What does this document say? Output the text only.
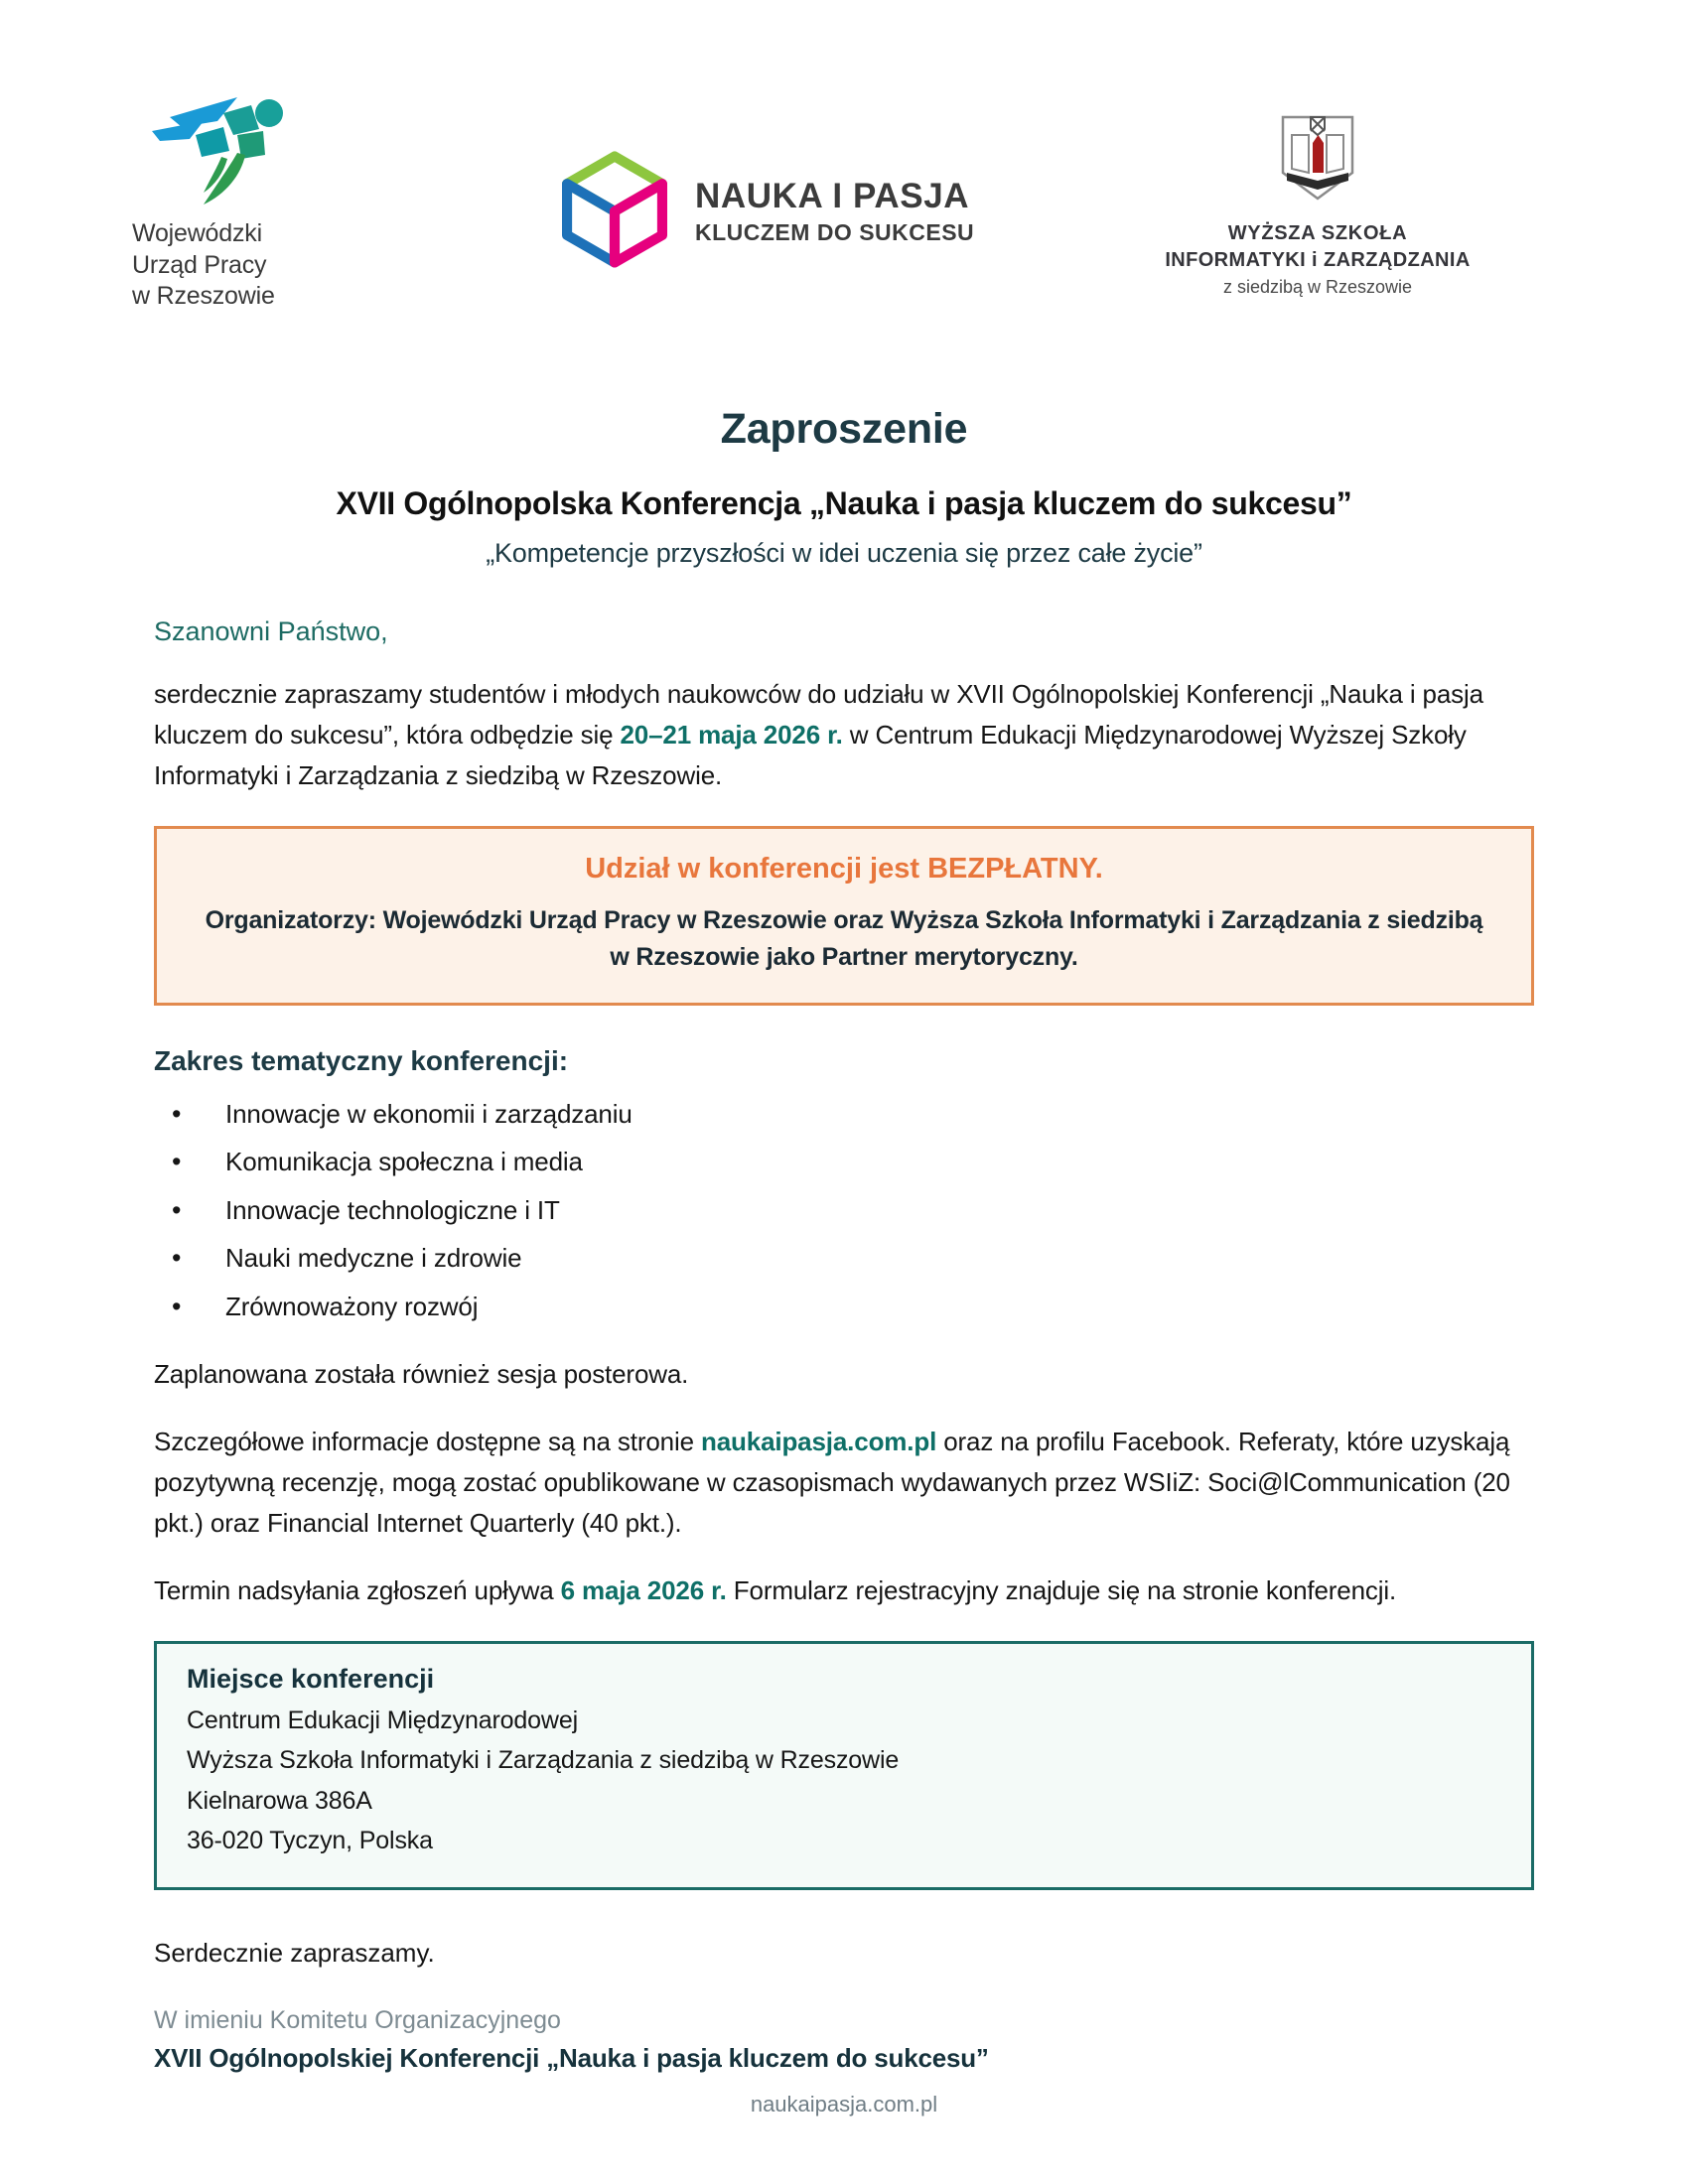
Wojewódzki
Urząd Pracy
w Rzeszowie
NAUKA I PASJA
KLUCZEM DO SUKCESU	WYŻSZA SZKOŁA
INFORMATYKI i ZARZĄDZANIA
z siedzibą w Rzeszowie
Zaproszenie
XVII Ogólnopolska Konferencja „Nauka i pasja kluczem do sukcesu”
„Kompetencje przyszłości w idei uczenia się przez całe życie”
Szanowni Państwo,

serdecznie zapraszamy studentów i młodych naukowców do udziału w XVII Ogólnopolskiej Konferencji „Nauka i pasja kluczem do sukcesu”, która odbędzie się 20–21 maja 2026 r. w Centrum Edukacji Międzynarodowej Wyższej Szkoły Informatyki i Zarządzania z siedzibą w Rzeszowie.

Udział w konferencji jest BEZPŁATNY.
Organizatorzy: Wojewódzki Urząd Pracy w Rzeszowie oraz Wyższa Szkoła Informatyki i Zarządzania z siedzibą w Rzeszowie jako Partner merytoryczny.
Zakres tematyczny konferencji:
• Innowacje w ekonomii i zarządzaniu
• Komunikacja społeczna i media
• Innowacje technologiczne i IT
• Nauki medyczne i zdrowie
• Zrównoważony rozwój

Zaplanowana została również sesja posterowa.

Szczegółowe informacje dostępne są na stronie naukaipasja.com.pl oraz na profilu Facebook. Referaty, które uzyskają pozytywną recenzję, mogą zostać opublikowane w czasopismach wydawanych przez WSIiZ: Soci@lCommunication (20 pkt.) oraz Financial Internet Quarterly (40 pkt.).

Termin nadsyłania zgłoszeń upływa 6 maja 2026 r. Formularz rejestracyjny znajduje się na stronie konferencji.

Miejsce konferencji
Centrum Edukacji Międzynarodowej
Wyższa Szkoła Informatyki i Zarządzania z siedzibą w Rzeszowie
Kielnarowa 386A
36-020 Tyczyn, Polska
Serdecznie zapraszamy.
W imieniu Komitetu Organizacyjnego
XVII Ogólnopolskiej Konferencji „Nauka i pasja kluczem do sukcesu”
naukaipasja.com.pl
